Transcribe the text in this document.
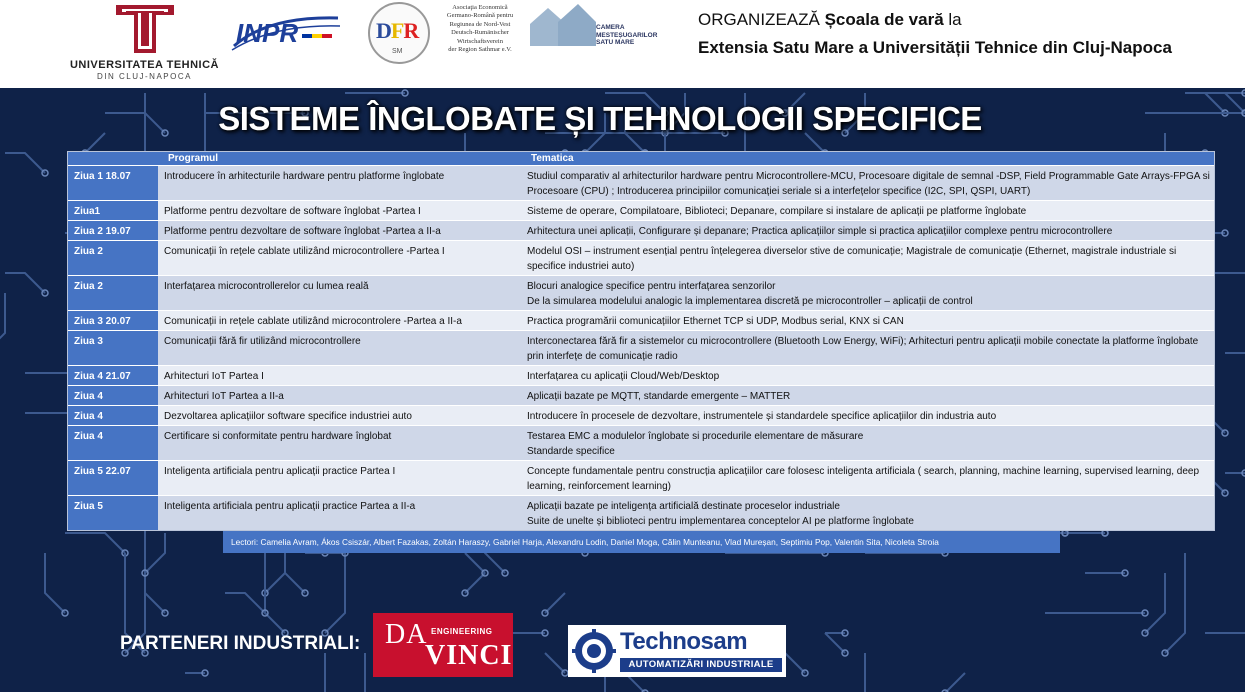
UNIVERSITATEA TEHNICĂ
DIN CLUJ-NAPOCA
INPR	DFR
SM
Asociaţia Economică
Germano-Română pentru
Regiunea de Nord-Vest
Deutsch-Rumänischer
Wirtschaftsverein
der Region Sathmar e.V.
CAMERA
MESTEȘUGARILOR
SATU MARE
ORGANIZEAZĂ Școala de vară la
Extensia Satu Mare a Universității Tehnice din Cluj-Napoca
SISTEME ÎNGLOBATE ȘI TEHNOLOGII SPECIFICE
	Programul	Tematica
Ziua 1 18.07	Introducere în arhitecturile hardware pentru platforme înglobate	Studiul comparativ al arhitecturilor hardware pentru Microcontrollere-MCU, Procesoare digitale de semnal -DSP, Field Programmable Gate Arrays-FPGA si Procesoare (CPU) ; Introducerea principiilor comunicației seriale si a interfețelor specifice (I2C, SPI, QSPI, UART)

Ziua1	Platforme pentru dezvoltare de software înglobat -Partea I	Sisteme de operare, Compilatoare, Biblioteci; Depanare, compilare si instalare de aplicații pe platforme înglobate

Ziua 2 19.07	Platforme pentru dezvoltare de software înglobat -Partea a II-a	Arhitectura unei aplicații, Configurare și depanare; Practica aplicațiilor simple si practica aplicațiilor complexe pentru microcontrollere

Ziua 2	Comunicații în rețele cablate utilizând microcontrollere -Partea I	Modelul OSI – instrument esențial pentru înțelegerea diverselor stive de comunicație; Magistrale de comunicație (Ethernet, magistrale industriale si specifice industriei auto)

Ziua 2	Interfațarea microcontrollerelor cu lumea reală	Blocuri analogice specifice pentru interfațarea senzorilor
De la simularea modelului analogic la implementarea discretă pe microcontroller – aplicații de control

Ziua 3 20.07	Comunicații in rețele cablate utilizând microcontrolere -Partea a II-a	Practica programării comunicațiilor Ethernet TCP si UDP, Modbus serial, KNX si CAN

Ziua 3	Comunicații fără fir utilizând microcontrollere	Interconectarea fără fir a sistemelor cu microcontrollere (Bluetooth Low Energy, WiFi); Arhitecturi pentru aplicații mobile conectate la platforme înglobate prin interfețe de comunicație radio

Ziua 4 21.07	Arhitecturi IoT Partea I	Interfațarea cu aplicații Cloud/Web/Desktop

Ziua 4	Arhitecturi IoT Partea a II-a	Aplicații bazate pe MQTT, standarde emergente – MATTER

Ziua 4	Dezvoltarea aplicațiilor software specifice industriei auto	Introducere în procesele de dezvoltare, instrumentele și standardele specifice aplicațiilor din industria auto

Ziua 4	Certificare si conformitate pentru hardware înglobat	Testarea EMC a modulelor înglobate si procedurile elementare de măsurare
Standarde specifice

Ziua 5 22.07	Inteligenta artificiala pentru aplicații practice Partea I	Concepte fundamentale pentru construcția aplicațiilor care folosesc inteligenta artificiala ( search, planning, machine learning, supervised learning, deep learning, reinforcement learning)

Ziua 5	Inteligenta artificiala pentru aplicații practice Partea a II-a	Aplicații bazate pe inteligența artificială destinate proceselor industriale
Suite de unelte și biblioteci pentru implementarea conceptelor AI pe platforme înglobate
Lectori: Camelia Avram, Ákos Csiszár, Albert Fazakas, Zoltán Haraszy, Gabriel Harja, Alexandru Lodin, Daniel Moga, Călin Munteanu, Vlad Mureșan, Septimiu Pop, Valentin Sita, Nicoleta Stroia
PARTENERI INDUSTRIALI: DA ENGINEERING
VINCI	Technosam
AUTOMATIZĂRI INDUSTRIALE
